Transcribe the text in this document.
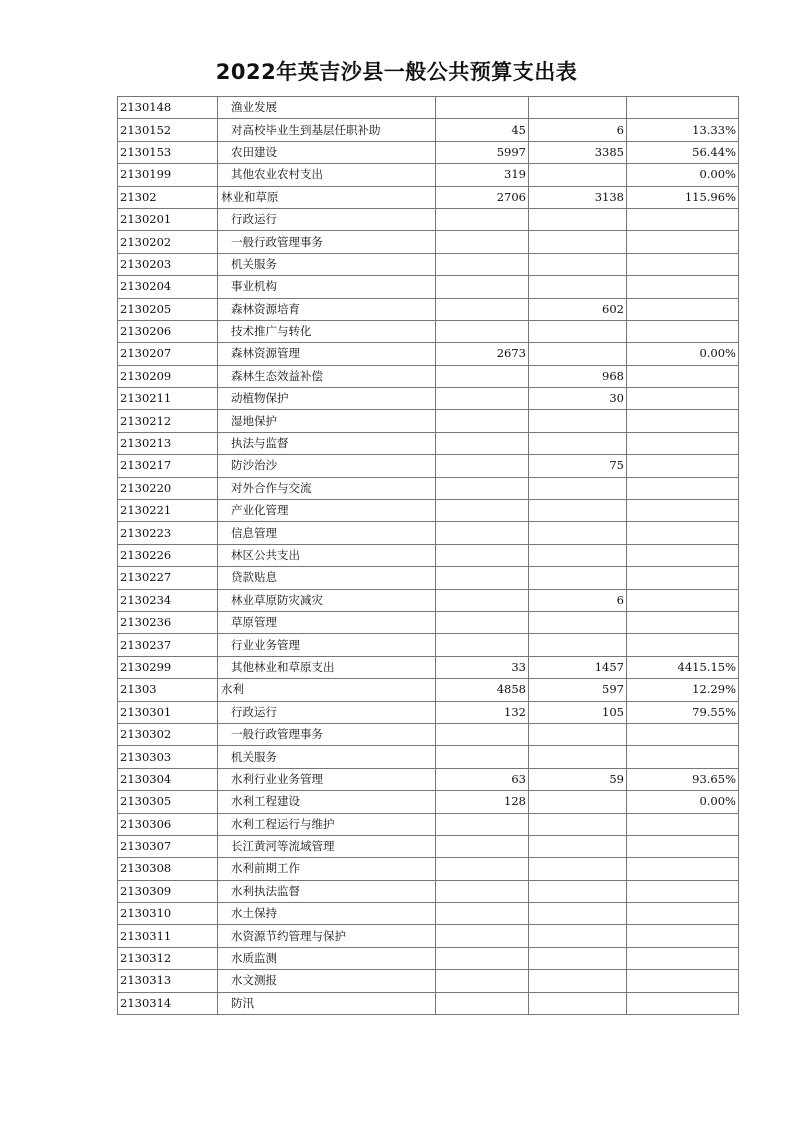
2022年英吉沙县一般公共预算支出表
2130148	渔业发展			
2130152	对高校毕业生到基层任职补助	45	6	13.33%
2130153	农田建设	5997	3385	56.44%
2130199	其他农业农村支出	319		0.00%
21302	林业和草原	2706	3138	115.96%
2130201	行政运行			
2130202	一般行政管理事务			
2130203	机关服务			
2130204	事业机构			
2130205	森林资源培育		602	
2130206	技术推广与转化			
2130207	森林资源管理	2673		0.00%
2130209	森林生态效益补偿		968	
2130211	动植物保护		30	
2130212	湿地保护			
2130213	执法与监督			
2130217	防沙治沙		75	
2130220	对外合作与交流			
2130221	产业化管理			
2130223	信息管理			
2130226	林区公共支出			
2130227	贷款贴息			
2130234	林业草原防灾减灾		6	
2130236	草原管理			
2130237	行业业务管理			
2130299	其他林业和草原支出	33	1457	4415.15%
21303	水利	4858	597	12.29%
2130301	行政运行	132	105	79.55%
2130302	一般行政管理事务			
2130303	机关服务			
2130304	水利行业业务管理	63	59	93.65%
2130305	水利工程建设	128		0.00%
2130306	水利工程运行与维护			
2130307	长江黄河等流域管理			
2130308	水利前期工作			
2130309	水利执法监督			
2130310	水土保持			
2130311	水资源节约管理与保护			
2130312	水质监测			
2130313	水文测报			
2130314	防汛			
